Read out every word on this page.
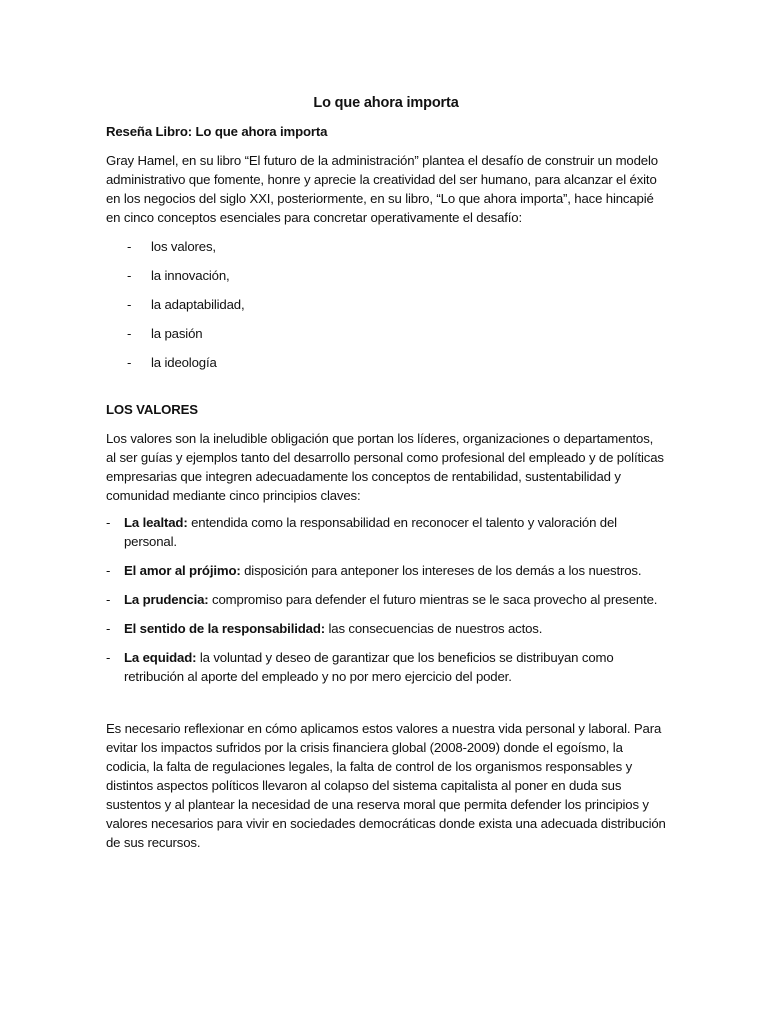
Lo que ahora importa

Reseña Libro: Lo que ahora importa

Gray Hamel, en su libro “El futuro de la administración” plantea el desafío de construir un modelo administrativo que fomente, honre y aprecie la creatividad del ser humano, para alcanzar el éxito en los negocios del siglo XXI, posteriormente, en su libro, “Lo que ahora importa”, hace hincapié en cinco conceptos esenciales para concretar operativamente el desafío:

- los valores,
- la innovación,
- la adaptabilidad,
- la pasión
- la ideología

LOS VALORES

Los valores son la ineludible obligación que portan los líderes, organizaciones o departamentos, al ser guías y ejemplos tanto del desarrollo personal como profesional del empleado y de políticas empresarias que integren adecuadamente los conceptos de rentabilidad, sustentabilidad y comunidad mediante cinco principios claves:

- La lealtad: entendida como la responsabilidad en reconocer el talento y valoración del personal.
- El amor al prójimo: disposición para anteponer los intereses de los demás a los nuestros.
- La prudencia: compromiso para defender el futuro mientras se le saca provecho al presente.
- El sentido de la responsabilidad: las consecuencias de nuestros actos.
- La equidad: la voluntad y deseo de garantizar que los beneficios se distribuyan como retribución al aporte del empleado y no por mero ejercicio del poder.

Es necesario reflexionar en cómo aplicamos estos valores a nuestra vida personal y laboral. Para evitar los impactos sufridos por la crisis financiera global (2008-2009) donde el egoísmo, la codicia, la falta de regulaciones legales, la falta de control de los organismos responsables y distintos aspectos políticos llevaron al colapso del sistema capitalista al poner en duda sus sustentos y al plantear la necesidad de una reserva moral que permita defender los principios y valores necesarios para vivir en sociedades democráticas donde exista una adecuada distribución de sus recursos.
